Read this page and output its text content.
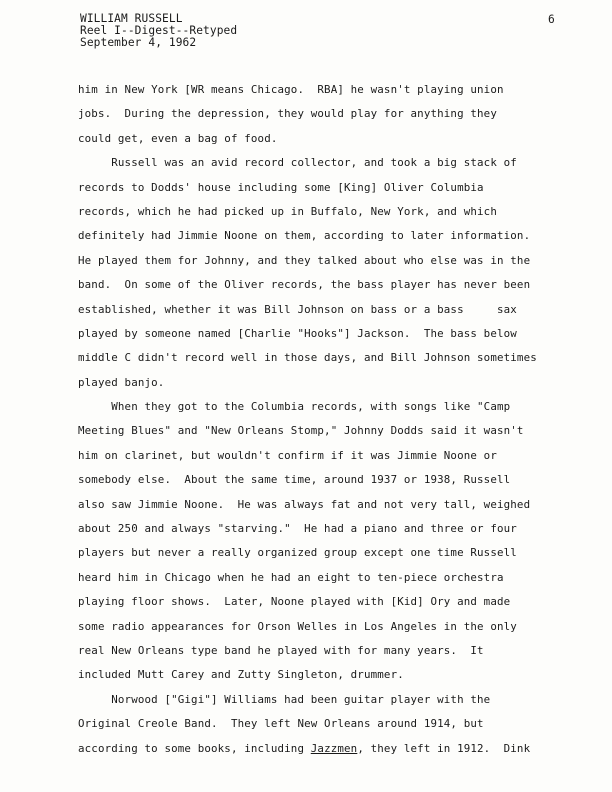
WILLIAM RUSSELL
Reel I--Digest--Retyped
September 4, 1962
6
him in New York [WR means Chicago.  RBA] he wasn't playing union
jobs.  During the depression, they would play for anything they
could get, even a bag of food.
Russell was an avid record collector, and took a big stack of
records to Dodds' house including some [King] Oliver Columbia
records, which he had picked up in Buffalo, New York, and which
definitely had Jimmie Noone on them, according to later information.
He played them for Johnny, and they talked about who else was in the
band.  On some of the Oliver records, the bass player has never been
established, whether it was Bill Johnson on bass or a bass     sax
played by someone named [Charlie "Hooks"] Jackson.  The bass below
middle C didn't record well in those days, and Bill Johnson sometimes
played banjo.
When they got to the Columbia records, with songs like "Camp
Meeting Blues" and "New Orleans Stomp," Johnny Dodds said it wasn't
him on clarinet, but wouldn't confirm if it was Jimmie Noone or
somebody else.  About the same time, around 1937 or 1938, Russell
also saw Jimmie Noone.  He was always fat and not very tall, weighed
about 250 and always "starving."  He had a piano and three or four
players but never a really organized group except one time Russell
heard him in Chicago when he had an eight to ten-piece orchestra
playing floor shows.  Later, Noone played with [Kid] Ory and made
some radio appearances for Orson Welles in Los Angeles in the only
real New Orleans type band he played with for many years.  It
included Mutt Carey and Zutty Singleton, drummer.
Norwood ["Gigi"] Williams had been guitar player with the
Original Creole Band.  They left New Orleans around 1914, but
according to some books, including Jazzmen, they left in 1912.  Dink
